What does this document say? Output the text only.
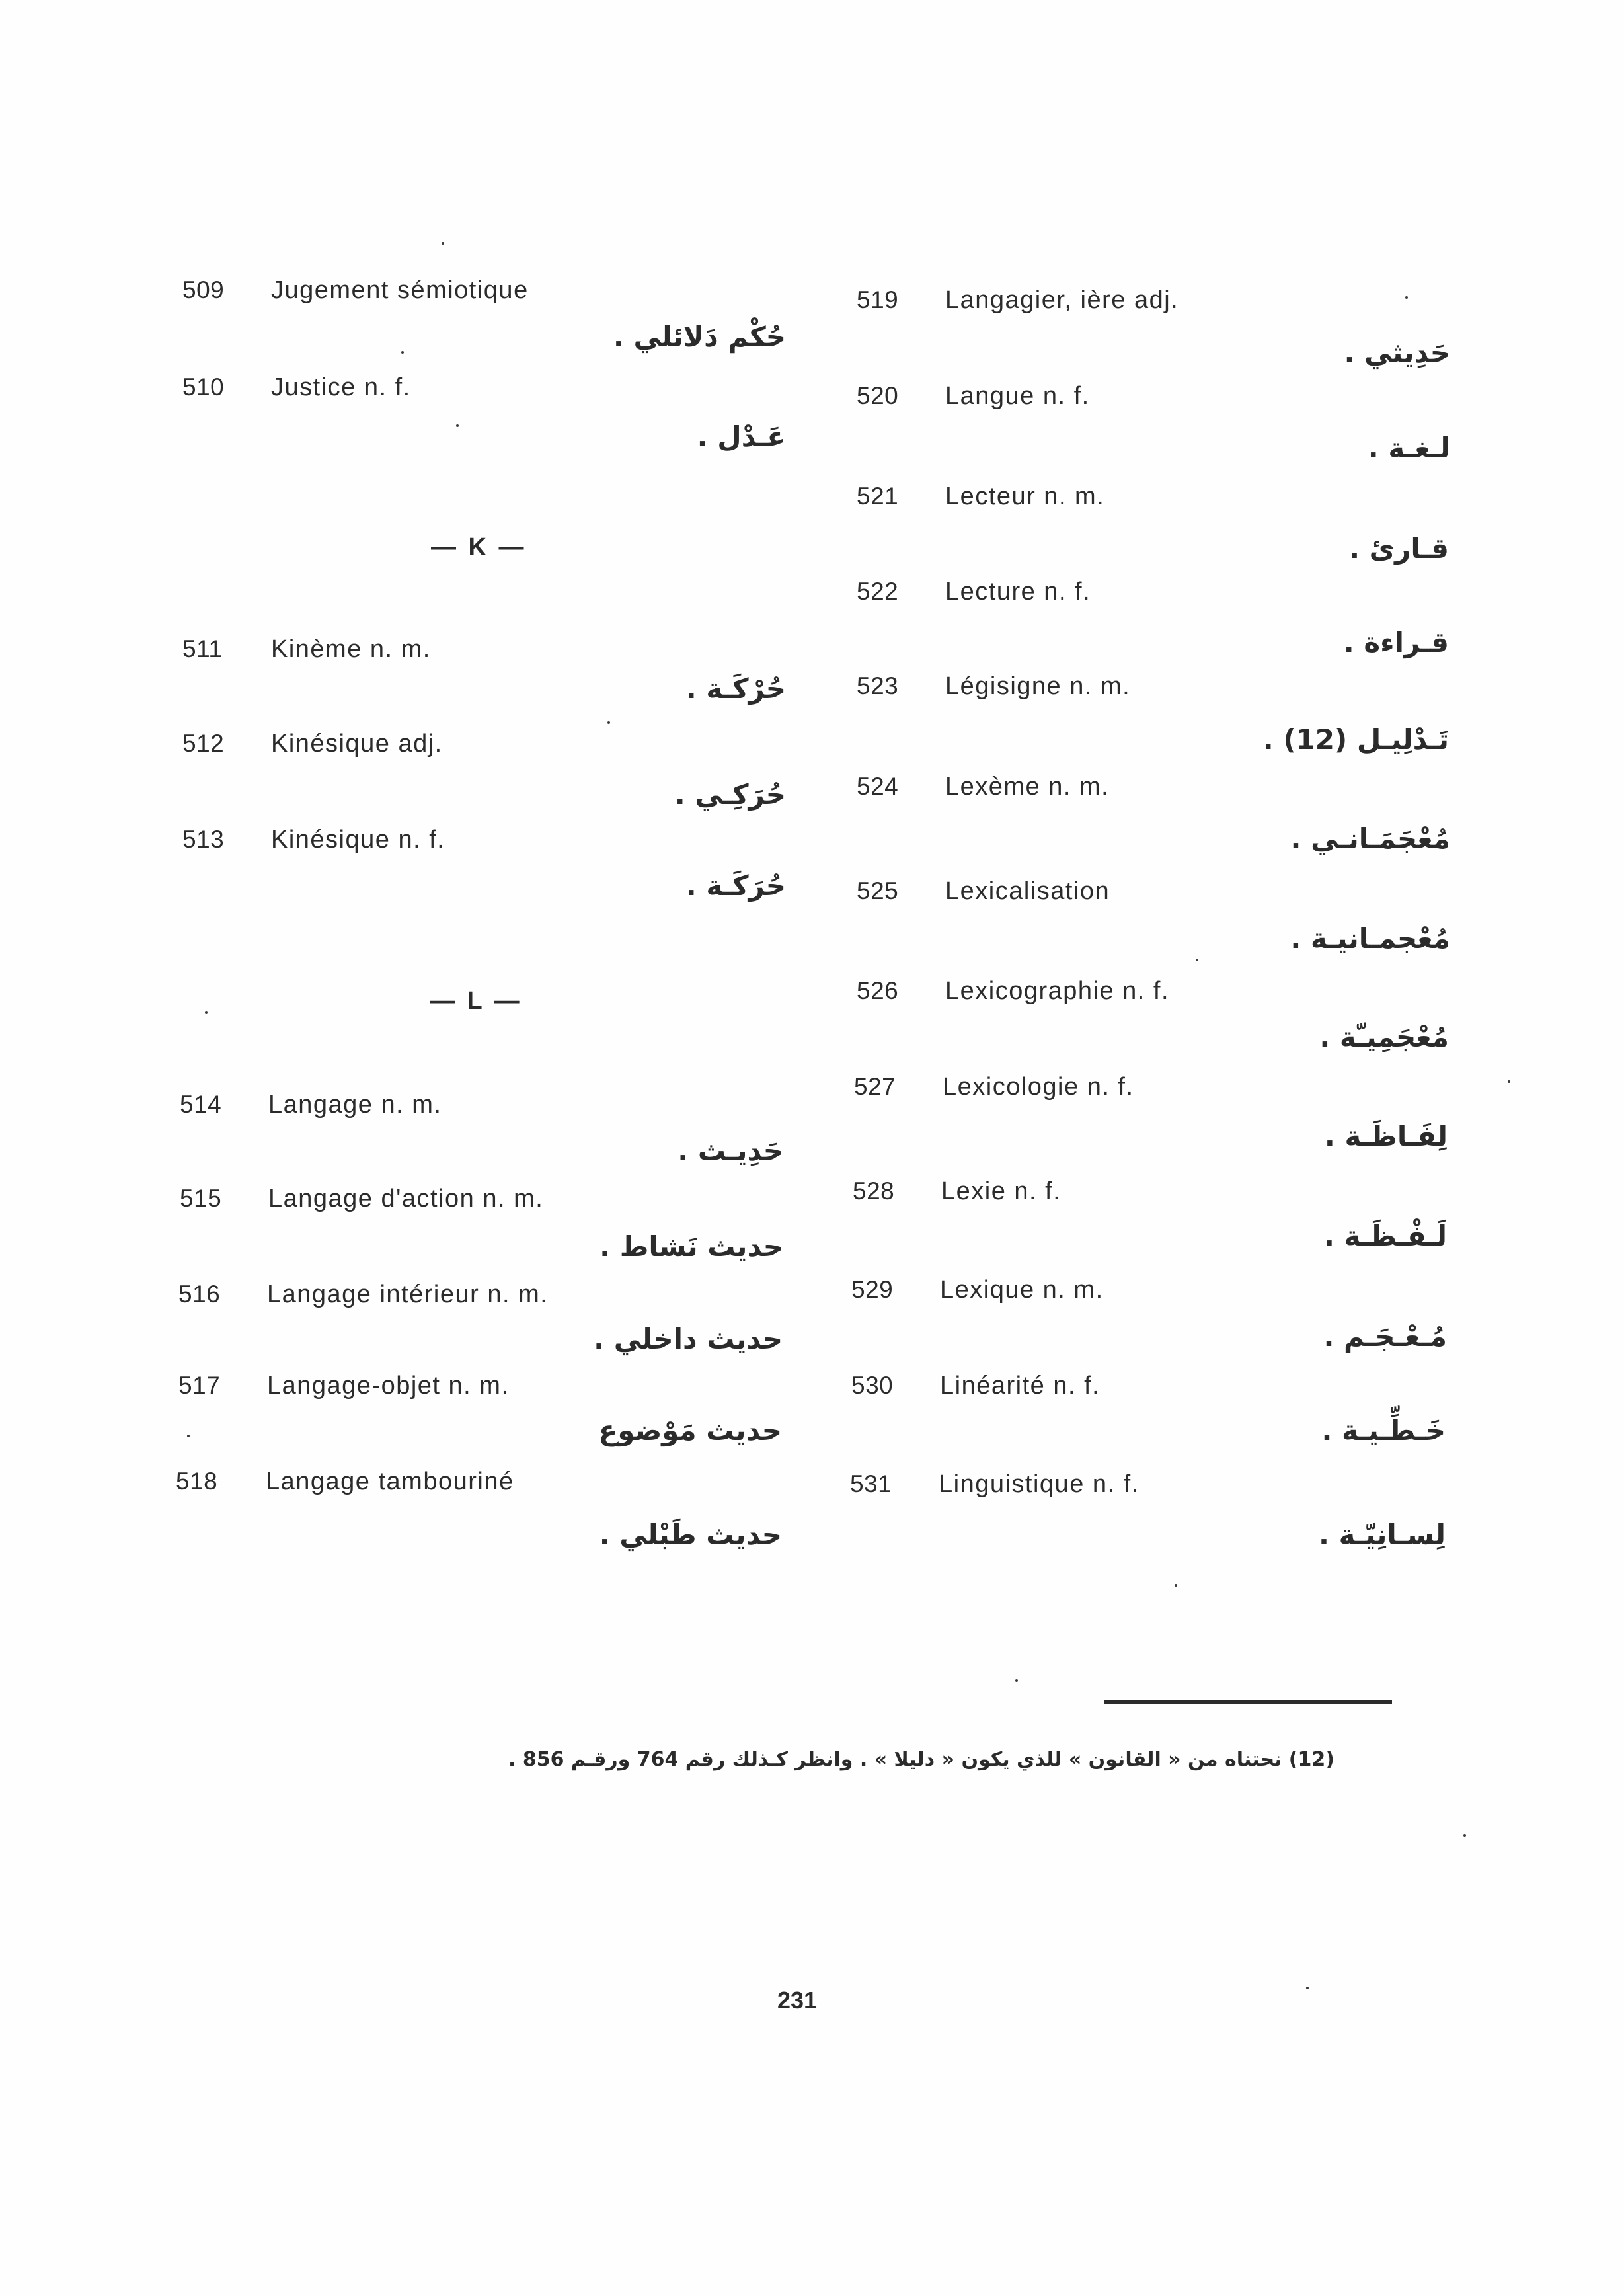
509 Jugement sémiotique
حُكْم دَلائلي .
510 Justice n. f.
عَـدْل .
— K —
511 Kinème n. m.
حُرْكَـة .
512 Kinésique adj.
حُرَكِـي .
513 Kinésique n. f.
حُرَكَـة .
— L —
514 Langage n. m.
حَدِيـث .
515 Langage d'action n. m.
حديث نَشاط .
516 Langage intérieur n. m.
حديث داخلي .
517 Langage-objet n. m.
حديث مَوْضوع
518 Langage tambouriné
حديث طَبْلي .
519 Langagier, ière adj.
حَدِيثي .
520 Langue n. f.
لـغـة .
521 Lecteur n. m.
قـارئ .
522 Lecture n. f.
قـراءة .
523 Légisigne n. m.
تَـدْلِيـل (12) .
524 Lexème n. m.
مُعْجَمَـانـي .
525 Lexicalisation
مُعْجمـانيـة .
526 Lexicographie n. f.
مُعْجَمِيـّة .
527 Lexicologie n. f.
لِفَـاظَـة .
528 Lexie n. f.
لَـفْـظَـة .
529 Lexique n. m.
مُـعْـجَـم .
530 Linéarité n. f.
خَـطِّـيـة .
531 Linguistique n. f.
لِسـانِيّـة .
(12) نحتناه من « القانون » للذي يكون « دليلا » . وانظر كـذلك رقم 764 ورقـم 856 .
231
